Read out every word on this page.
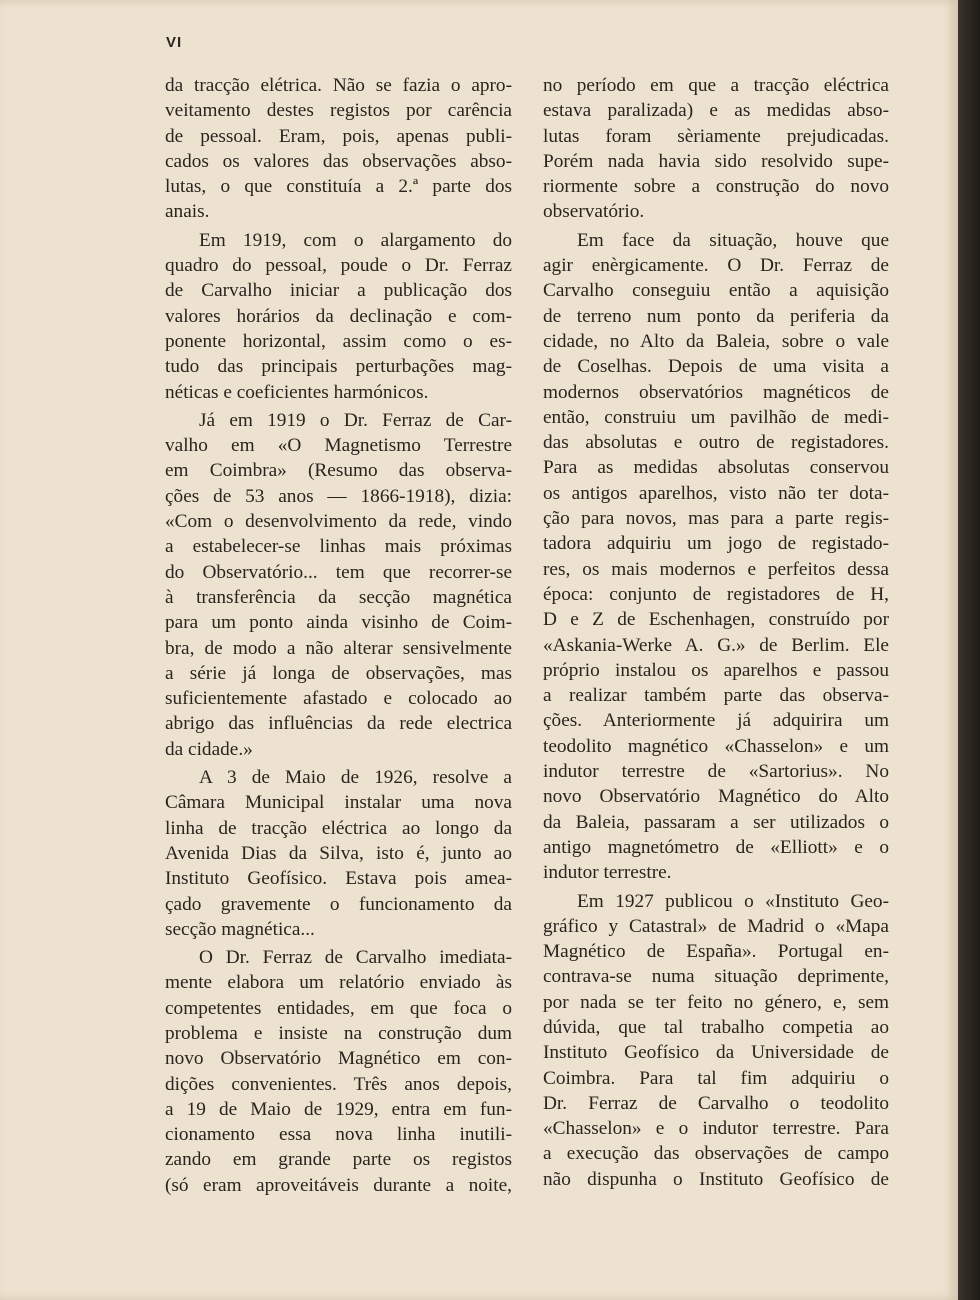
VI
da tracção elétrica. Não se fazia o apro-
veitamento destes registos por carência
de pessoal. Eram, pois, apenas publi-
cados os valores das observações abso-
lutas, o que constituía a 2.ª parte dos
anais.
Em 1919, com o alargamento do
quadro do pessoal, poude o Dr. Ferraz
de Carvalho iniciar a publicação dos
valores horários da declinação e com-
ponente horizontal, assim como o es-
tudo das principais perturbações mag-
néticas e coeficientes harmónicos.
Já em 1919 o Dr. Ferraz de Car-
valho em «O Magnetismo Terrestre
em Coimbra» (Resumo das observa-
ções de 53 anos — 1866-1918), dizia:
«Com o desenvolvimento da rede, vindo
a estabelecer-se linhas mais próximas
do Observatório... tem que recorrer-se
à transferência da secção magnética
para um ponto ainda visinho de Coim-
bra, de modo a não alterar sensivelmente
a série já longa de observações, mas
suficientemente afastado e colocado ao
abrigo das influências da rede electrica
da cidade.»
A 3 de Maio de 1926, resolve a
Câmara Municipal instalar uma nova
linha de tracção eléctrica ao longo da
Avenida Dias da Silva, isto é, junto ao
Instituto Geofísico. Estava pois amea-
çado gravemente o funcionamento da
secção magnética...
O Dr. Ferraz de Carvalho imediata-
mente elabora um relatório enviado às
competentes entidades, em que foca o
problema e insiste na construção dum
novo Observatório Magnético em con-
dições convenientes. Três anos depois,
a 19 de Maio de 1929, entra em fun-
cionamento essa nova linha inutili-
zando em grande parte os registos
(só eram aproveitáveis durante a noite,
no período em que a tracção eléctrica
estava paralizada) e as medidas abso-
lutas foram sèriamente prejudicadas.
Porém nada havia sido resolvido supe-
riormente sobre a construção do novo
observatório.
Em face da situação, houve que
agir enèrgicamente. O Dr. Ferraz de
Carvalho conseguiu então a aquisição
de terreno num ponto da periferia da
cidade, no Alto da Baleia, sobre o vale
de Coselhas. Depois de uma visita a
modernos observatórios magnéticos de
então, construiu um pavilhão de medi-
das absolutas e outro de registadores.
Para as medidas absolutas conservou
os antigos aparelhos, visto não ter dota-
ção para novos, mas para a parte regis-
tadora adquiriu um jogo de registado-
res, os mais modernos e perfeitos dessa
época: conjunto de registadores de H,
D e Z de Eschenhagen, construído por
«Askania-Werke A. G.» de Berlim. Ele
próprio instalou os aparelhos e passou
a realizar também parte das observa-
ções. Anteriormente já adquirira um
teodolito magnético «Chasselon» e um
indutor terrestre de «Sartorius». No
novo Observatório Magnético do Alto
da Baleia, passaram a ser utilizados o
antigo magnetómetro de «Elliott» e o
indutor terrestre.
Em 1927 publicou o «Instituto Geo-
gráfico y Catastral» de Madrid o «Mapa
Magnético de España». Portugal en-
contrava-se numa situação deprimente,
por nada se ter feito no género, e, sem
dúvida, que tal trabalho competia ao
Instituto Geofísico da Universidade de
Coimbra. Para tal fim adquiriu o
Dr. Ferraz de Carvalho o teodolito
«Chasselon» e o indutor terrestre. Para
a execução das observações de campo
não dispunha o Instituto Geofísico de
